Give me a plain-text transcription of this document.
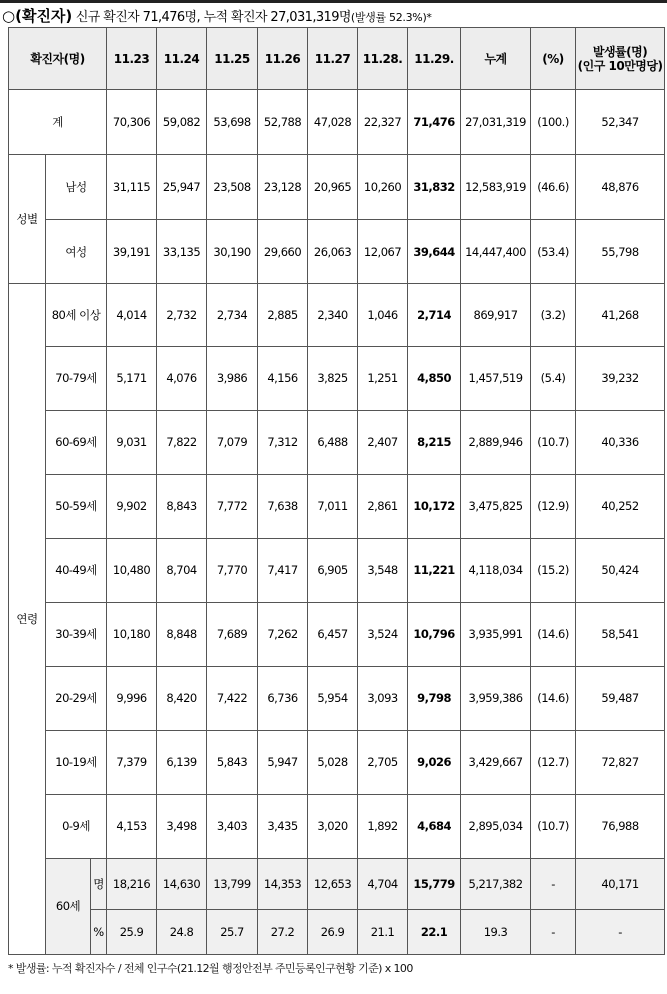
○(확진자) 신규 확진자 71,476명, 누적 확진자 27,031,319명(발생률 52.3%)*
확진자(명)			11.23	11.24	11.25	11.26	11.27	11.28.	11.29.	누계	(%)	발생률(명)
(인구 10만명당)
계			70,306	59,082	53,698	52,788	47,028	22,327	71,476	27,031,319	(100.)	52,347
성별	남성		31,115	25,947	23,508	23,128	20,965	10,260	31,832	12,583,919	(46.6)	48,876
	여성		39,191	33,135	30,190	29,660	26,063	12,067	39,644	14,447,400	(53.4)	55,798
연령	80세 이상		4,014	2,732	2,734	2,885	2,340	1,046	2,714	869,917	(3.2)	41,268
	70-79세		5,171	4,076	3,986	4,156	3,825	1,251	4,850	1,457,519	(5.4)	39,232
	60-69세		9,031	7,822	7,079	7,312	6,488	2,407	8,215	2,889,946	(10.7)	40,336
	50-59세		9,902	8,843	7,772	7,638	7,011	2,861	10,172	3,475,825	(12.9)	40,252
	40-49세		10,480	8,704	7,770	7,417	6,905	3,548	11,221	4,118,034	(15.2)	50,424
	30-39세		10,180	8,848	7,689	7,262	6,457	3,524	10,796	3,935,991	(14.6)	58,541
	20-29세		9,996	8,420	7,422	6,736	5,954	3,093	9,798	3,959,386	(14.6)	59,487
	10-19세		7,379	6,139	5,843	5,947	5,028	2,705	9,026	3,429,667	(12.7)	72,827
	0-9세		4,153	3,498	3,403	3,435	3,020	1,892	4,684	2,895,034	(10.7)	76,988
	60세	명	18,216	14,630	13,799	14,353	12,653	4,704	15,779	5,217,382	-	40,171
		%	25.9	24.8	25.7	27.2	26.9	21.1	22.1	19.3	-	-
* 발생률: 누적 확진자수 / 전체 인구수(21.12월 행정안전부 주민등록인구현황 기준) x 100
